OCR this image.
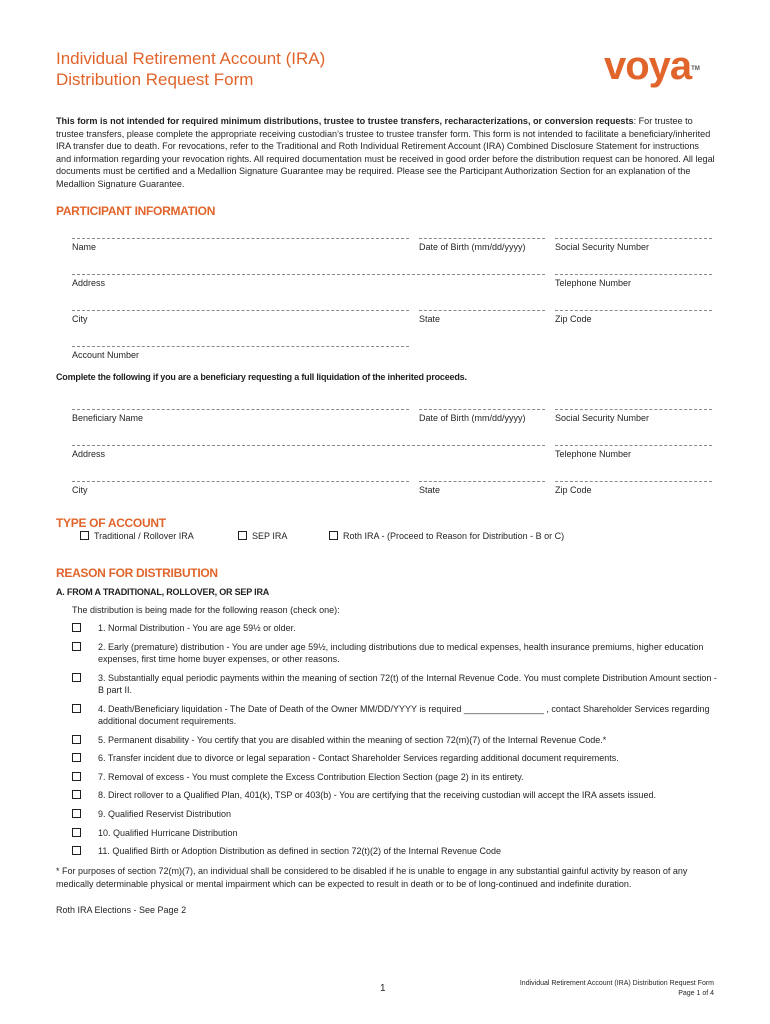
Individual Retirement Account (IRA)
Distribution Request Form	voya™
This form is not intended for required minimum distributions, trustee to trustee transfers, recharacterizations, or conversion requests: For trustee to trustee transfers, please complete the appropriate receiving custodian’s trustee to trustee transfer form. This form is not intended to facilitate a beneficiary/inherited IRA transfer due to death. For revocations, refer to the Traditional and Roth Individual Retirement Account (IRA) Combined Disclosure Statement for instructions and information regarding your revocation rights. All required documentation must be received in good order before the distribution request can be honored. All legal documents must be certified and a Medallion Signature Guarantee may be required. Please see the Participant Authorization Section for an explanation of the Medallion Signature Guarantee.
PARTICIPANT INFORMATION
Name	Date of Birth (mm/dd/yyyy)	Social Security Number
Address	Telephone Number
City	State	Zip Code
Account Number
Complete the following if you are a beneficiary requesting a full liquidation of the inherited proceeds.
Beneficiary Name	Date of Birth (mm/dd/yyyy)	Social Security Number
Address	Telephone Number
City	State	Zip Code
TYPE OF ACCOUNT
Traditional / Rollover IRA	SEP IRA	Roth IRA - (Proceed to Reason for Distribution - B or C)
REASON FOR DISTRIBUTION
A. FROM A TRADITIONAL, ROLLOVER, OR SEP IRA
The distribution is being made for the following reason (check one):
1. Normal Distribution - You are age 59½ or older.
2. Early (premature) distribution - You are under age 59½, including distributions due to medical expenses, health insurance premiums, higher education expenses, first time home buyer expenses, or other reasons.
3. Substantially equal periodic payments within the meaning of section 72(t) of the Internal Revenue Code. You must complete Distribution Amount section - B part II.
4. Death/Beneficiary liquidation - The Date of Death of the Owner MM/DD/YYYY is required ________________ , contact Shareholder Services regarding additional document requirements.
5. Permanent disability - You certify that you are disabled within the meaning of section 72(m)(7) of the Internal Revenue Code.*
6. Transfer incident due to divorce or legal separation - Contact Shareholder Services regarding additional document requirements.
7. Removal of excess - You must complete the Excess Contribution Election Section (page 2) in its entirety.
8. Direct rollover to a Qualified Plan, 401(k), TSP or 403(b) - You are certifying that the receiving custodian will accept the IRA assets issued.
9. Qualified Reservist Distribution
10. Qualified Hurricane Distribution
11. Qualified Birth or Adoption Distribution as defined in section 72(t)(2) of the Internal Revenue Code
* For purposes of section 72(m)(7), an individual shall be considered to be disabled if he is unable to engage in any substantial gainful activity by reason of any medically determinable physical or mental impairment which can be expected to result in death or to be of long-continued and indefinite duration.
Roth IRA Elections - See Page 2
1	Individual Retirement Account (IRA) Distribution Request Form
Page 1 of 4
